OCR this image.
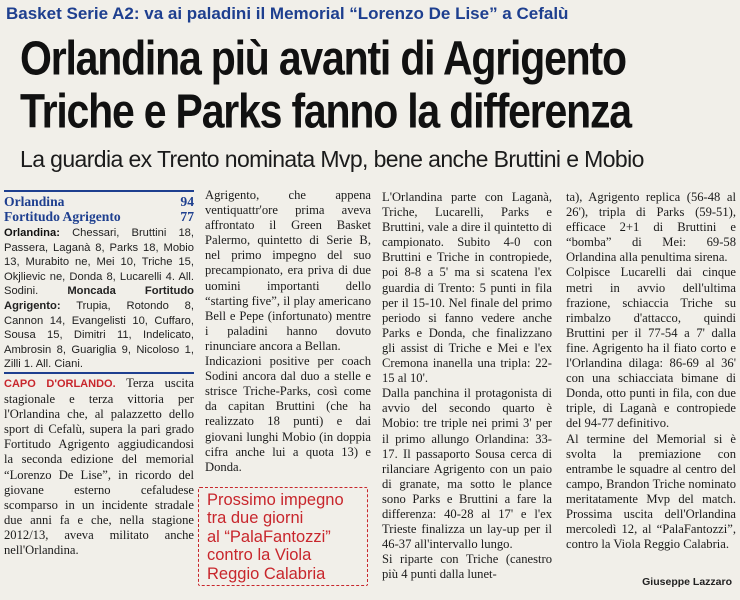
Basket Serie A2: va ai paladini il Memorial “Lorenzo De Lise” a Cefalù
Orlandina più avanti di Agrigento
Triche e Parks fanno la differenza
La guardia ex Trento nominata Mvp, bene anche Bruttini e Mobio
Orlandina	94
Fortitudo Agrigento	77
Orlandina: Chessari, Bruttini 18, Passera, Laganà 8, Parks 18, Mobio 13, Murabito ne, Mei 10, Triche 15, Okjlievic ne, Donda 8, Lucarelli 4. All. Sodini. Moncada Fortitudo Agrigento: Trupia, Rotondo 8, Cannon 14, Evangelisti 10, Cuffaro, Sousa 15, Dimitri 11, Indelicato, Ambrosin 8, Guariglia 9, Nicoloso 1, Zilli 1. All. Ciani.

CAPO D'ORLANDO. Terza uscita stagionale e terza vittoria per l'Orlandina che, al palazzetto dello sport di Cefalù, supera la pari grado Fortitudo Agrigento aggiudicandosi la seconda edizione del memorial “Lorenzo De Lise”, in ricordo del giovane esterno cefaludese scomparso in un incidente stradale due anni fa e che, nella stagione 2012/13, aveva militato anche nell'Orlandina.

Agrigento, che appena ventiquattr'ore prima aveva affrontato il Green Basket Palermo, quintetto di Serie B, nel primo impegno del suo precampionato, era priva di due uomini importanti dello “starting five”, il play americano Bell e Pepe (infortunato) mentre i paladini hanno dovuto rinunciare ancora a Bellan.

Indicazioni positive per coach Sodini ancora dal duo a stelle e strisce Triche-Parks, così come da capitan Bruttini (che ha realizzato 18 punti) e dai giovani lunghi Mobio (in doppia cifra anche lui a quota 13) e Donda.

Prossimo impegno
tra due giorni
al “PalaFantozzi”
contro la Viola
Reggio Calabria

L'Orlandina parte con Laganà, Triche, Lucarelli, Parks e Bruttini, vale a dire il quintetto di campionato. Subito 4-0 con Bruttini e Triche in contropiede, poi 8-8 a 5' ma si scatena l'ex guardia di Trento: 5 punti in fila per il 15-10. Nel finale del primo periodo si fanno vedere anche Parks e Donda, che finalizzano gli assist di Triche e Mei e l'ex Cremona inanella una tripla: 22-15 al 10'.

Dalla panchina il protagonista di avvio del secondo quarto è Mobio: tre triple nei primi 3' per il primo allungo Orlandina: 33-17. Il passaporto Sousa cerca di rilanciare Agrigento con un paio di granate, ma sotto le plance sono Parks e Bruttini a fare la differenza: 40-28 al 17' e l'ex Trieste finalizza un lay-up per il 46-37 all'intervallo lungo.

Si riparte con Triche (canestro più 4 punti dalla lunet-

ta), Agrigento replica (56-48 al 26'), tripla di Parks (59-51), efficace 2+1 di Bruttini e “bomba” di Mei: 69-58 Orlandina alla penultima sirena.

Colpisce Lucarelli dai cinque metri in avvio dell'ultima frazione, schiaccia Triche su rimbalzo d'attacco, quindi Bruttini per il 77-54 a 7' dalla fine. Agrigento ha il fiato corto e l'Orlandina dilaga: 86-69 al 36' con una schiacciata bimane di Donda, otto punti in fila, con due triple, di Laganà e contropiede del 94-77 definitivo.

Al termine del Memorial si è svolta la premiazione con entrambe le squadre al centro del campo, Brandon Triche nominato meritatamente Mvp del match. Prossima uscita dell'Orlandina mercoledì 12, al “PalaFantozzi”, contro la Viola Reggio Calabria.

Giuseppe Lazzaro
